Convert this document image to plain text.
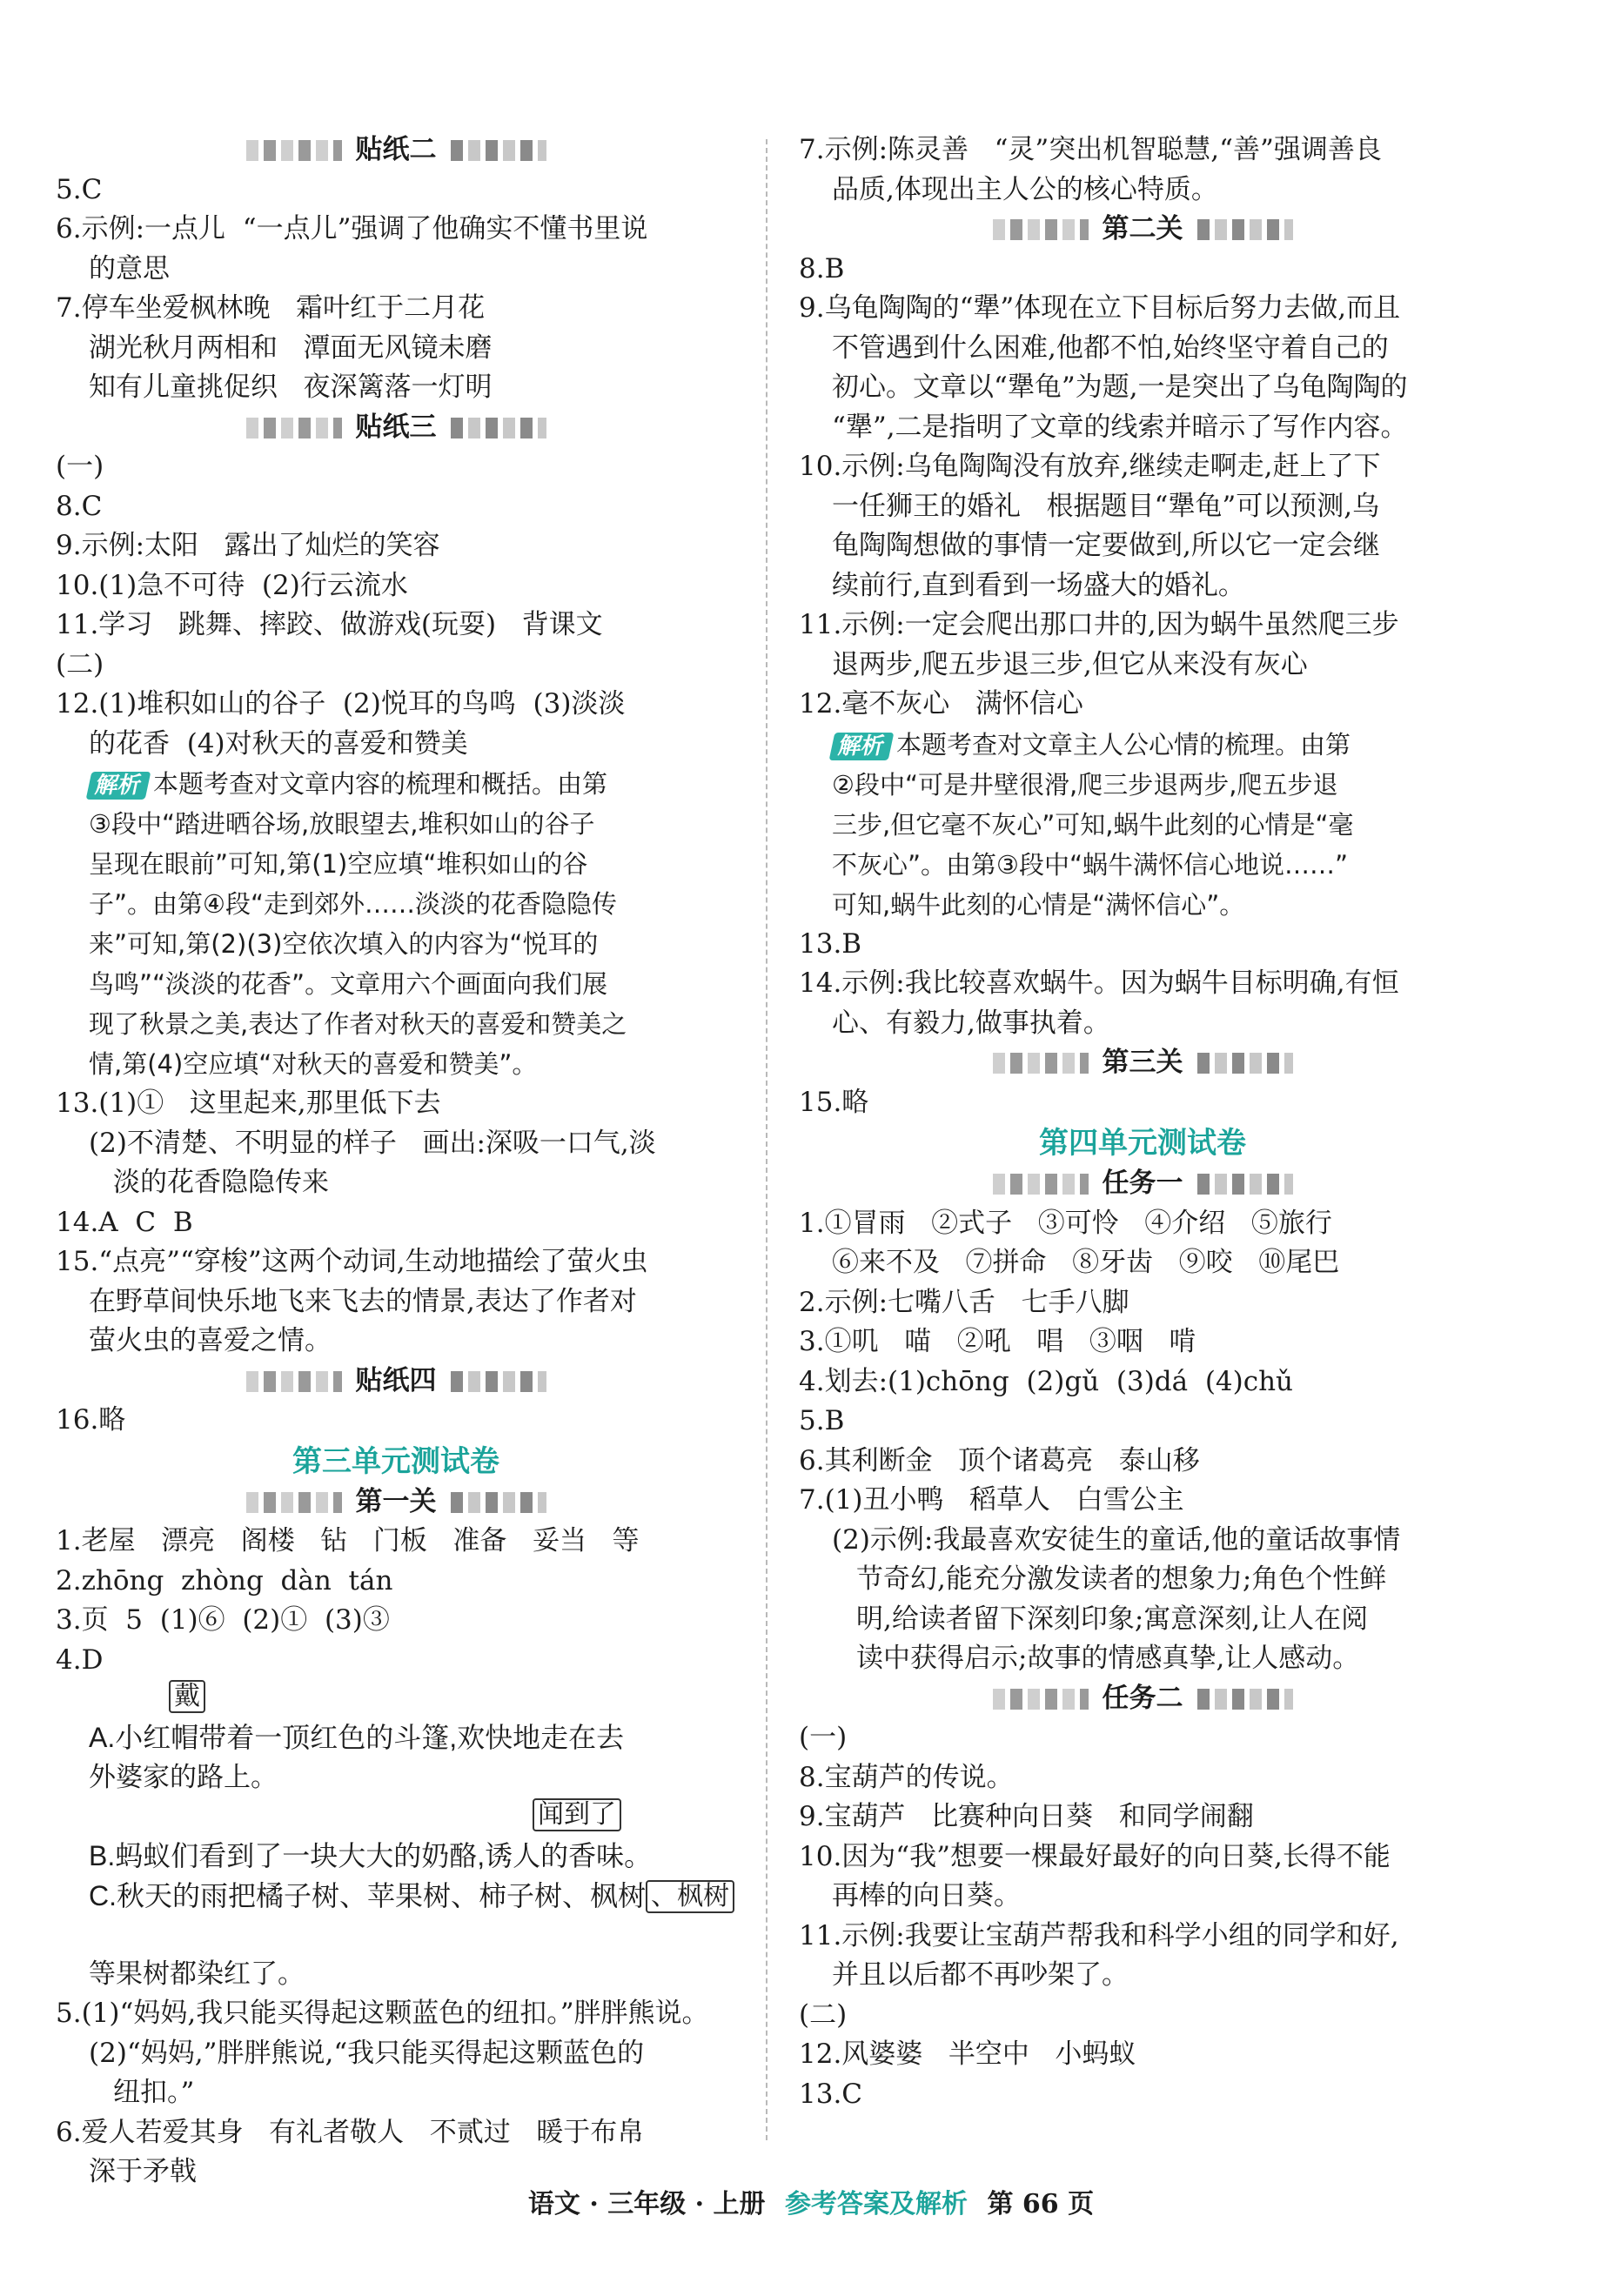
贴纸二
5.C
6.示例:一点儿  “一点儿”强调了他确实不懂书里说
的意思
7.停车坐爱枫林晚   霜叶红于二月花
湖光秋月两相和   潭面无风镜未磨
知有儿童挑促织   夜深篱落一灯明
贴纸三
(一)
8.C
9.示例:太阳   露出了灿烂的笑容
10.(1)急不可待  (2)行云流水
11.学习   跳舞、摔跤、做游戏(玩耍)   背课文
(二)
12.(1)堆积如山的谷子  (2)悦耳的鸟鸣  (3)淡淡
的花香  (4)对秋天的喜爱和赞美
解析 本题考查对文章内容的梳理和概括。由第
③段中“踏进晒谷场,放眼望去,堆积如山的谷子
呈现在眼前”可知,第(1)空应填“堆积如山的谷
子”。由第④段“走到郊外……淡淡的花香隐隐传
来”可知,第(2)(3)空依次填入的内容为“悦耳的
鸟鸣”“淡淡的花香”。文章用六个画面向我们展
现了秋景之美,表达了作者对秋天的喜爱和赞美之
情,第(4)空应填“对秋天的喜爱和赞美”。
13.(1)①   这里起来,那里低下去
(2)不清楚、不明显的样子   画出:深吸一口气,淡
淡的花香隐隐传来
14.A  C  B
15.“点亮”“穿梭”这两个动词,生动地描绘了萤火虫
在野草间快乐地飞来飞去的情景,表达了作者对
萤火虫的喜爱之情。
贴纸四
16.略
第三单元测试卷
第一关
1.老屋   漂亮   阁楼   钻   门板   准备   妥当   等
2.zhōng  zhòng  dàn  tán
3.页  5  (1)⑥  (2)①  (3)③
4.D
A.小红帽带着一顶红色的斗篷,欢快地走在去
戴
外婆家的路上。
B.蚂蚁们看到了一块大大的奶酪,诱人的香味。
闻到了
C.秋天的雨把橘子树、苹果树、柿子树、枫树 、枫树
等果树都染红了。
5.(1)“妈妈,我只能买得起这颗蓝色的纽扣。”胖胖熊说。
(2)“妈妈,”胖胖熊说,“我只能买得起这颗蓝色的
纽扣。”
6.爱人若爱其身   有礼者敬人   不贰过   暖于布帛
深于矛戟
7.示例:陈灵善   “灵”突出机智聪慧,“善”强调善良
品质,体现出主人公的核心特质。
第二关
8.B
9.乌龟陶陶的“犟”体现在立下目标后努力去做,而且
不管遇到什么困难,他都不怕,始终坚守着自己的
初心。文章以“犟龟”为题,一是突出了乌龟陶陶的
“犟”,二是指明了文章的线索并暗示了写作内容。
10.示例:乌龟陶陶没有放弃,继续走啊走,赶上了下
一任狮王的婚礼   根据题目“犟龟”可以预测,乌
龟陶陶想做的事情一定要做到,所以它一定会继
续前行,直到看到一场盛大的婚礼。
11.示例:一定会爬出那口井的,因为蜗牛虽然爬三步
退两步,爬五步退三步,但它从来没有灰心
12.毫不灰心   满怀信心
解析 本题考查对文章主人公心情的梳理。由第
②段中“可是井壁很滑,爬三步退两步,爬五步退
三步,但它毫不灰心”可知,蜗牛此刻的心情是“毫
不灰心”。由第③段中“蜗牛满怀信心地说……”
可知,蜗牛此刻的心情是“满怀信心”。
13.B
14.示例:我比较喜欢蜗牛。因为蜗牛目标明确,有恒
心、有毅力,做事执着。
第三关
15.略
第四单元测试卷
任务一
1.①冒雨   ②式子   ③可怜   ④介绍   ⑤旅行
⑥来不及   ⑦拼命   ⑧牙齿   ⑨咬   ⑩尾巴
2.示例:七嘴八舌   七手八脚
3.①叽   喵   ②吼   唱   ③咽   啃
4.划去:(1)chōng  (2)gǔ  (3)dá  (4)chǔ
5.B
6.其利断金   顶个诸葛亮   泰山移
7.(1)丑小鸭   稻草人   白雪公主
(2)示例:我最喜欢安徒生的童话,他的童话故事情
节奇幻,能充分激发读者的想象力;角色个性鲜
明,给读者留下深刻印象;寓意深刻,让人在阅
读中获得启示;故事的情感真挚,让人感动。
任务二
(一)
8.宝葫芦的传说。
9.宝葫芦   比赛种向日葵   和同学闹翻
10.因为“我”想要一棵最好最好的向日葵,长得不能
再棒的向日葵。
11.示例:我要让宝葫芦帮我和科学小组的同学和好,
并且以后都不再吵架了。
(二)
12.风婆婆   半空中   小蚂蚁
13.C
语文 · 三年级 · 上册 参考答案及解析 第 66 页
